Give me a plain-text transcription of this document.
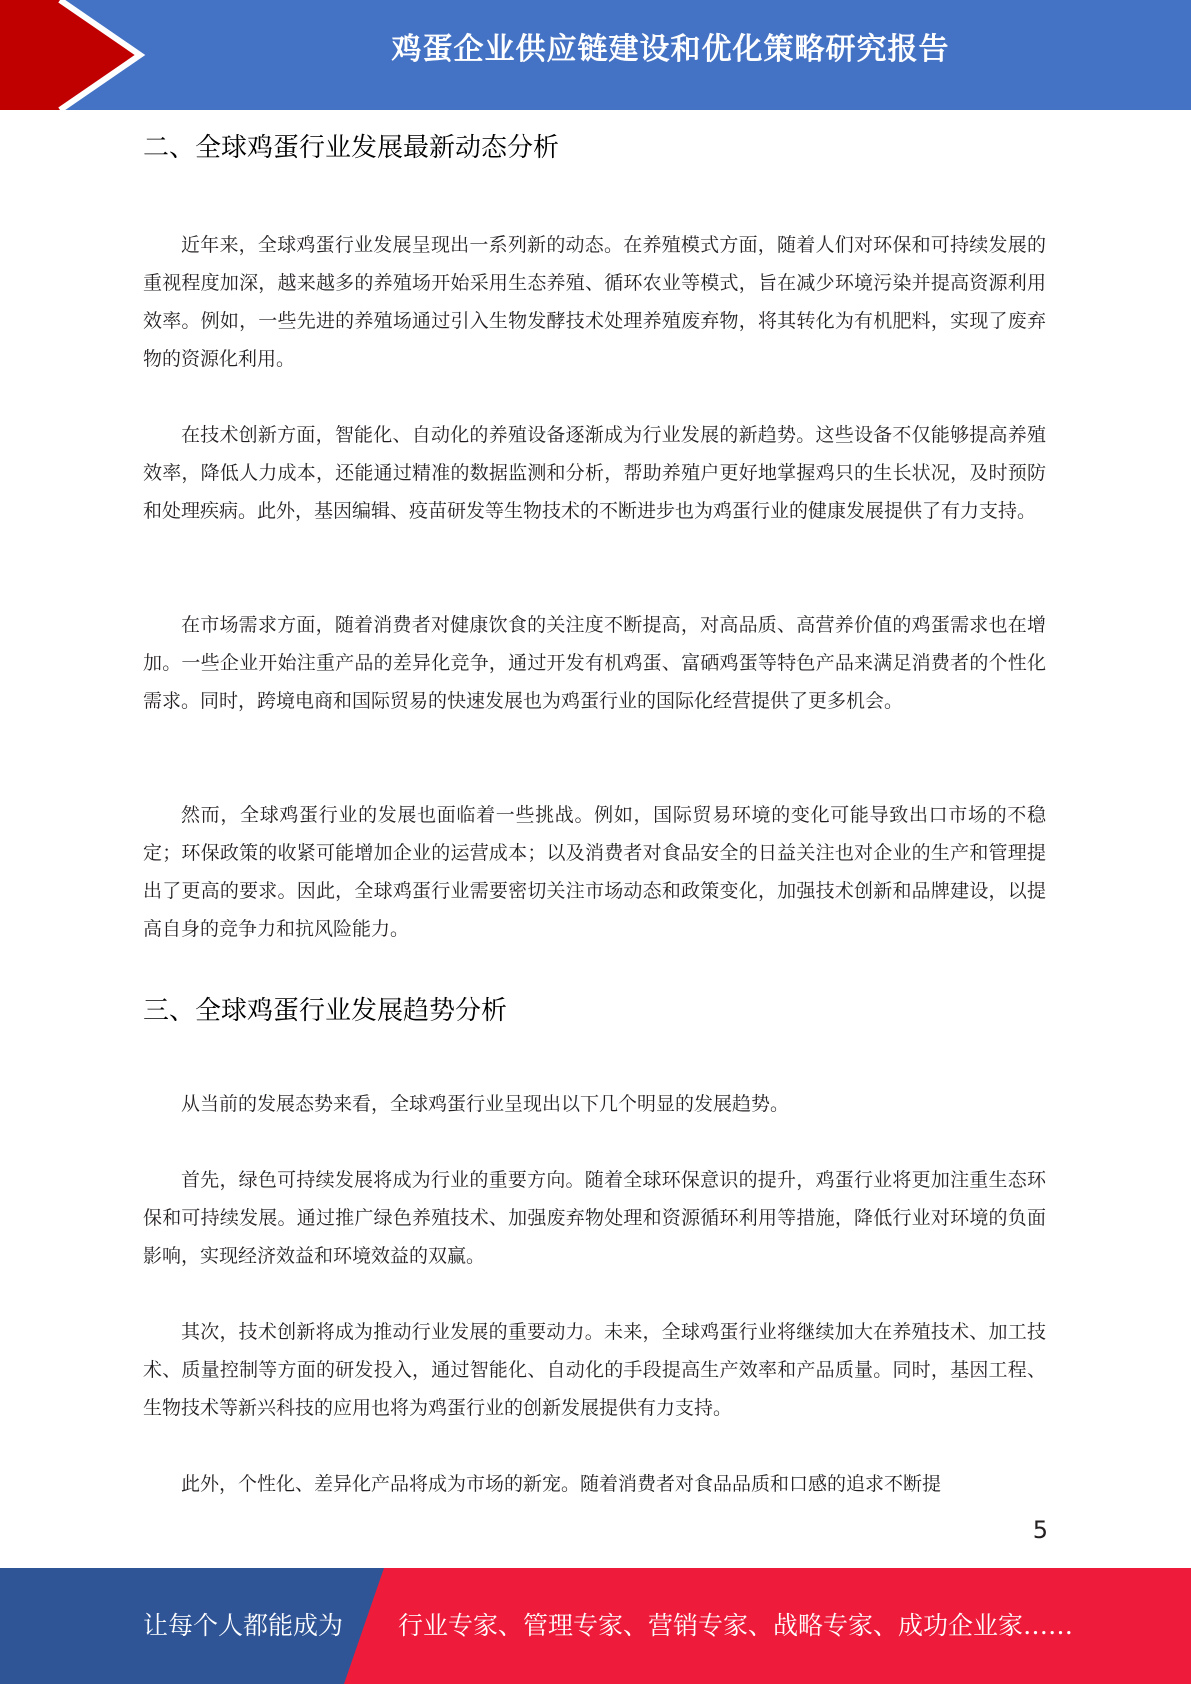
鸡蛋企业供应链建设和优化策略研究报告
二、全球鸡蛋行业发展最新动态分析

近年来，全球鸡蛋行业发展呈现出一系列新的动态。在养殖模式方面，随着人们对环保和可持续发展的重视程度加深，越来越多的养殖场开始采用生态养殖、循环农业等模式，旨在减少环境污染并提高资源利用效率。例如，一些先进的养殖场通过引入生物发酵技术处理养殖废弃物，将其转化为有机肥料，实现了废弃物的资源化利用。

在技术创新方面，智能化、自动化的养殖设备逐渐成为行业发展的新趋势。这些设备不仅能够提高养殖效率，降低人力成本，还能通过精准的数据监测和分析，帮助养殖户更好地掌握鸡只的生长状况，及时预防和处理疾病。此外，基因编辑、疫苗研发等生物技术的不断进步也为鸡蛋行业的健康发展提供了有力支持。

在市场需求方面，随着消费者对健康饮食的关注度不断提高，对高品质、高营养价值的鸡蛋需求也在增加。一些企业开始注重产品的差异化竞争，通过开发有机鸡蛋、富硒鸡蛋等特色产品来满足消费者的个性化需求。同时，跨境电商和国际贸易的快速发展也为鸡蛋行业的国际化经营提供了更多机会。

然而，全球鸡蛋行业的发展也面临着一些挑战。例如，国际贸易环境的变化可能导致出口市场的不稳定；环保政策的收紧可能增加企业的运营成本；以及消费者对食品安全的日益关注也对企业的生产和管理提出了更高的要求。因此，全球鸡蛋行业需要密切关注市场动态和政策变化，加强技术创新和品牌建设，以提高自身的竞争力和抗风险能力。

三、全球鸡蛋行业发展趋势分析

从当前的发展态势来看，全球鸡蛋行业呈现出以下几个明显的发展趋势。

首先，绿色可持续发展将成为行业的重要方向。随着全球环保意识的提升，鸡蛋行业将更加注重生态环保和可持续发展。通过推广绿色养殖技术、加强废弃物处理和资源循环利用等措施，降低行业对环境的负面影响，实现经济效益和环境效益的双赢。

其次，技术创新将成为推动行业发展的重要动力。未来，全球鸡蛋行业将继续加大在养殖技术、加工技术、质量控制等方面的研发投入，通过智能化、自动化的手段提高生产效率和产品质量。同时，基因工程、生物技术等新兴科技的应用也将为鸡蛋行业的创新发展提供有力支持。

此外，个性化、差异化产品将成为市场的新宠。随着消费者对食品品质和口感的追求不断提

5
让每个人都能成为 行业专家、管理专家、营销专家、战略专家、成功企业家……
